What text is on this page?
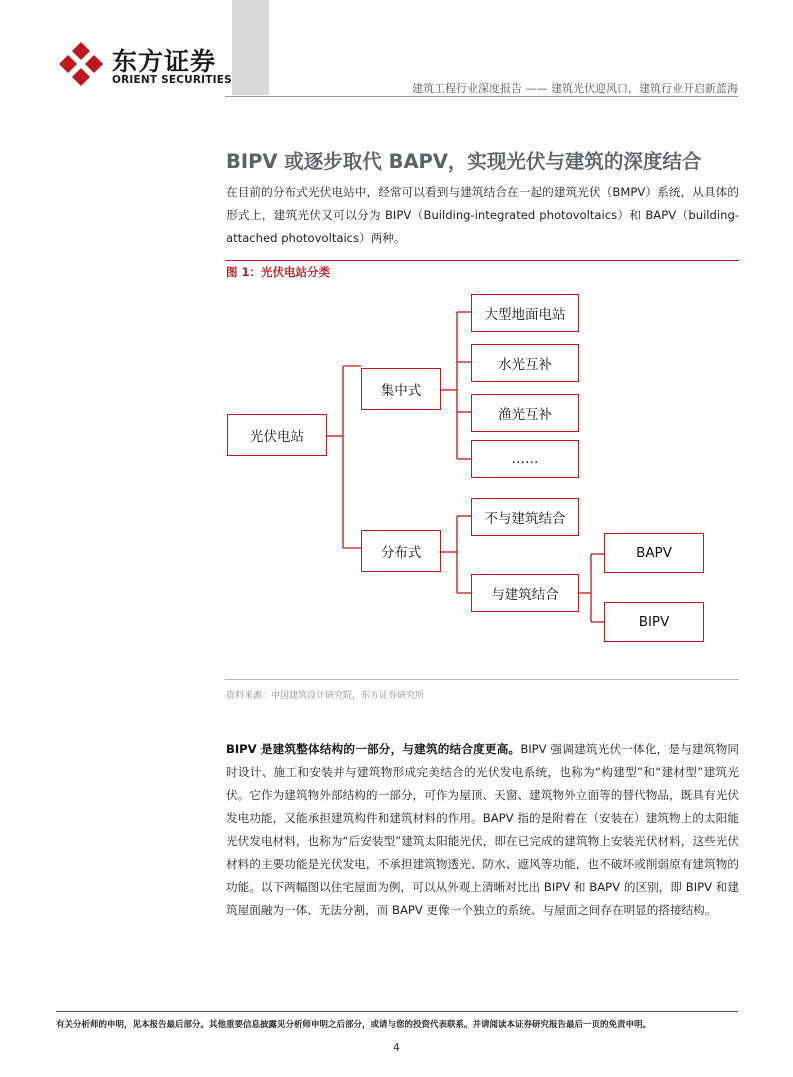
东方证券
ORIENT SECURITIES
建筑工程行业深度报告 —— 建筑光伏迎风口，建筑行业开启新蓝海
BIPV 或逐步取代 BAPV，实现光伏与建筑的深度结合

在目前的分布式光伏电站中，经常可以看到与建筑结合在一起的建筑光伏（BMPV）系统，从具体的形式上，建筑光伏又可以分为 BIPV（Building-integrated photovoltaics）和 BAPV（building-attached photovoltaics）两种。

图 1：光伏电站分类
光伏电站
集中式
分布式
大型地面电站
水光互补
渔光互补
……
不与建筑结合
与建筑结合
BAPV
BIPV
资料来源：中国建筑设计研究院，东方证券研究所

BIPV 是建筑整体结构的一部分，与建筑的结合度更高。BIPV 强调建筑光伏一体化，是与建筑物同时设计、施工和安装并与建筑物形成完美结合的光伏发电系统，也称为“构建型”和“建材型”建筑光伏。它作为建筑物外部结构的一部分，可作为屋顶、天窗、建筑物外立面等的替代物品，既具有光伏发电功能，又能承担建筑构件和建筑材料的作用。BAPV 指的是附着在（安装在）建筑物上的太阳能光伏发电材料，也称为“后安装型”建筑太阳能光伏，即在已完成的建筑物上安装光伏材料，这些光伏材料的主要功能是光伏发电，不承担建筑物透光、防水、遮风等功能，也不破坏或削弱原有建筑物的功能。以下两幅图以住宅屋面为例，可以从外观上清晰对比出 BIPV 和 BAPV 的区别，即 BIPV 和建筑屋面融为一体、无法分割，而 BAPV 更像一个独立的系统、与屋面之间存在明显的搭接结构。

有关分析师的申明，见本报告最后部分。其他重要信息披露见分析师申明之后部分，或请与您的投资代表联系。并请阅读本证券研究报告最后一页的免责申明。
4
